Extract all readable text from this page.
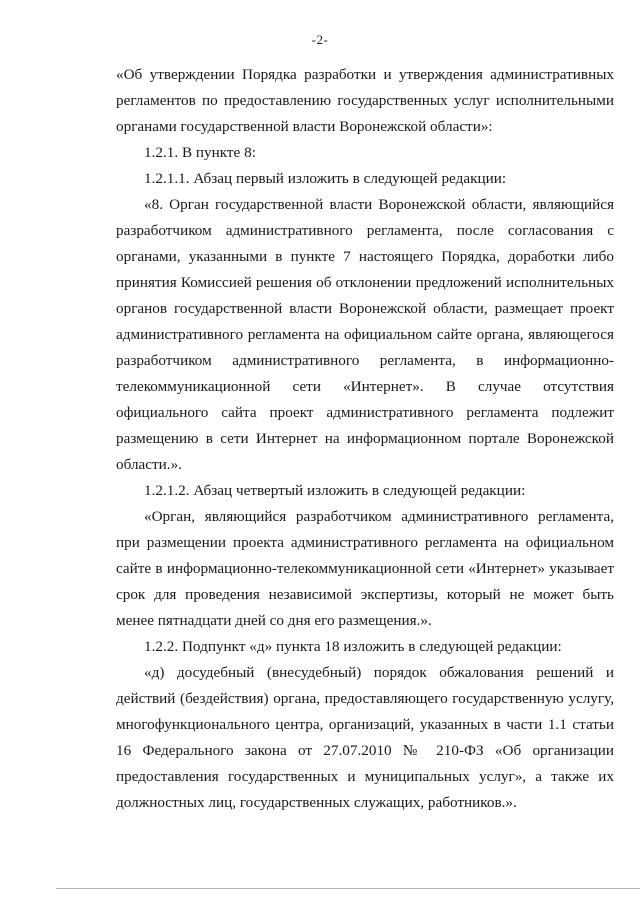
-2-

«Об утверждении Порядка разработки и утверждения административных регламентов по предоставлению государственных услуг исполнительными органами государственной власти Воронежской области»:

1.2.1. В пункте 8:

1.2.1.1. Абзац первый изложить в следующей редакции:

«8. Орган государственной власти Воронежской области, являющийся разработчиком административного регламента, после согласования с органами, указанными в пункте 7 настоящего Порядка, доработки либо принятия Комиссией решения об отклонении предложений исполнительных органов государственной власти Воронежской области, размещает проект административного регламента на официальном сайте органа, являющегося разработчиком административного регламента, в информационно-телекоммуникационной сети «Интернет». В случае отсутствия официального сайта проект административного регламента подлежит размещению в сети Интернет на информационном портале Воронежской области.».

1.2.1.2. Абзац четвертый изложить в следующей редакции:

«Орган, являющийся разработчиком административного регламента, при размещении проекта административного регламента на официальном сайте в информационно-телекоммуникационной сети «Интернет» указывает срок для проведения независимой экспертизы, который не может быть менее пятнадцати дней со дня его размещения.».

1.2.2. Подпункт «д» пункта 18 изложить в следующей редакции:

«д) досудебный (внесудебный) порядок обжалования решений и действий (бездействия) органа, предоставляющего государственную услугу, многофункционального центра, организаций, указанных в части 1.1 статьи 16 Федерального закона от 27.07.2010 № 210-ФЗ «Об организации предоставления государственных и муниципальных услуг», а также их должностных лиц, государственных служащих, работников.».
